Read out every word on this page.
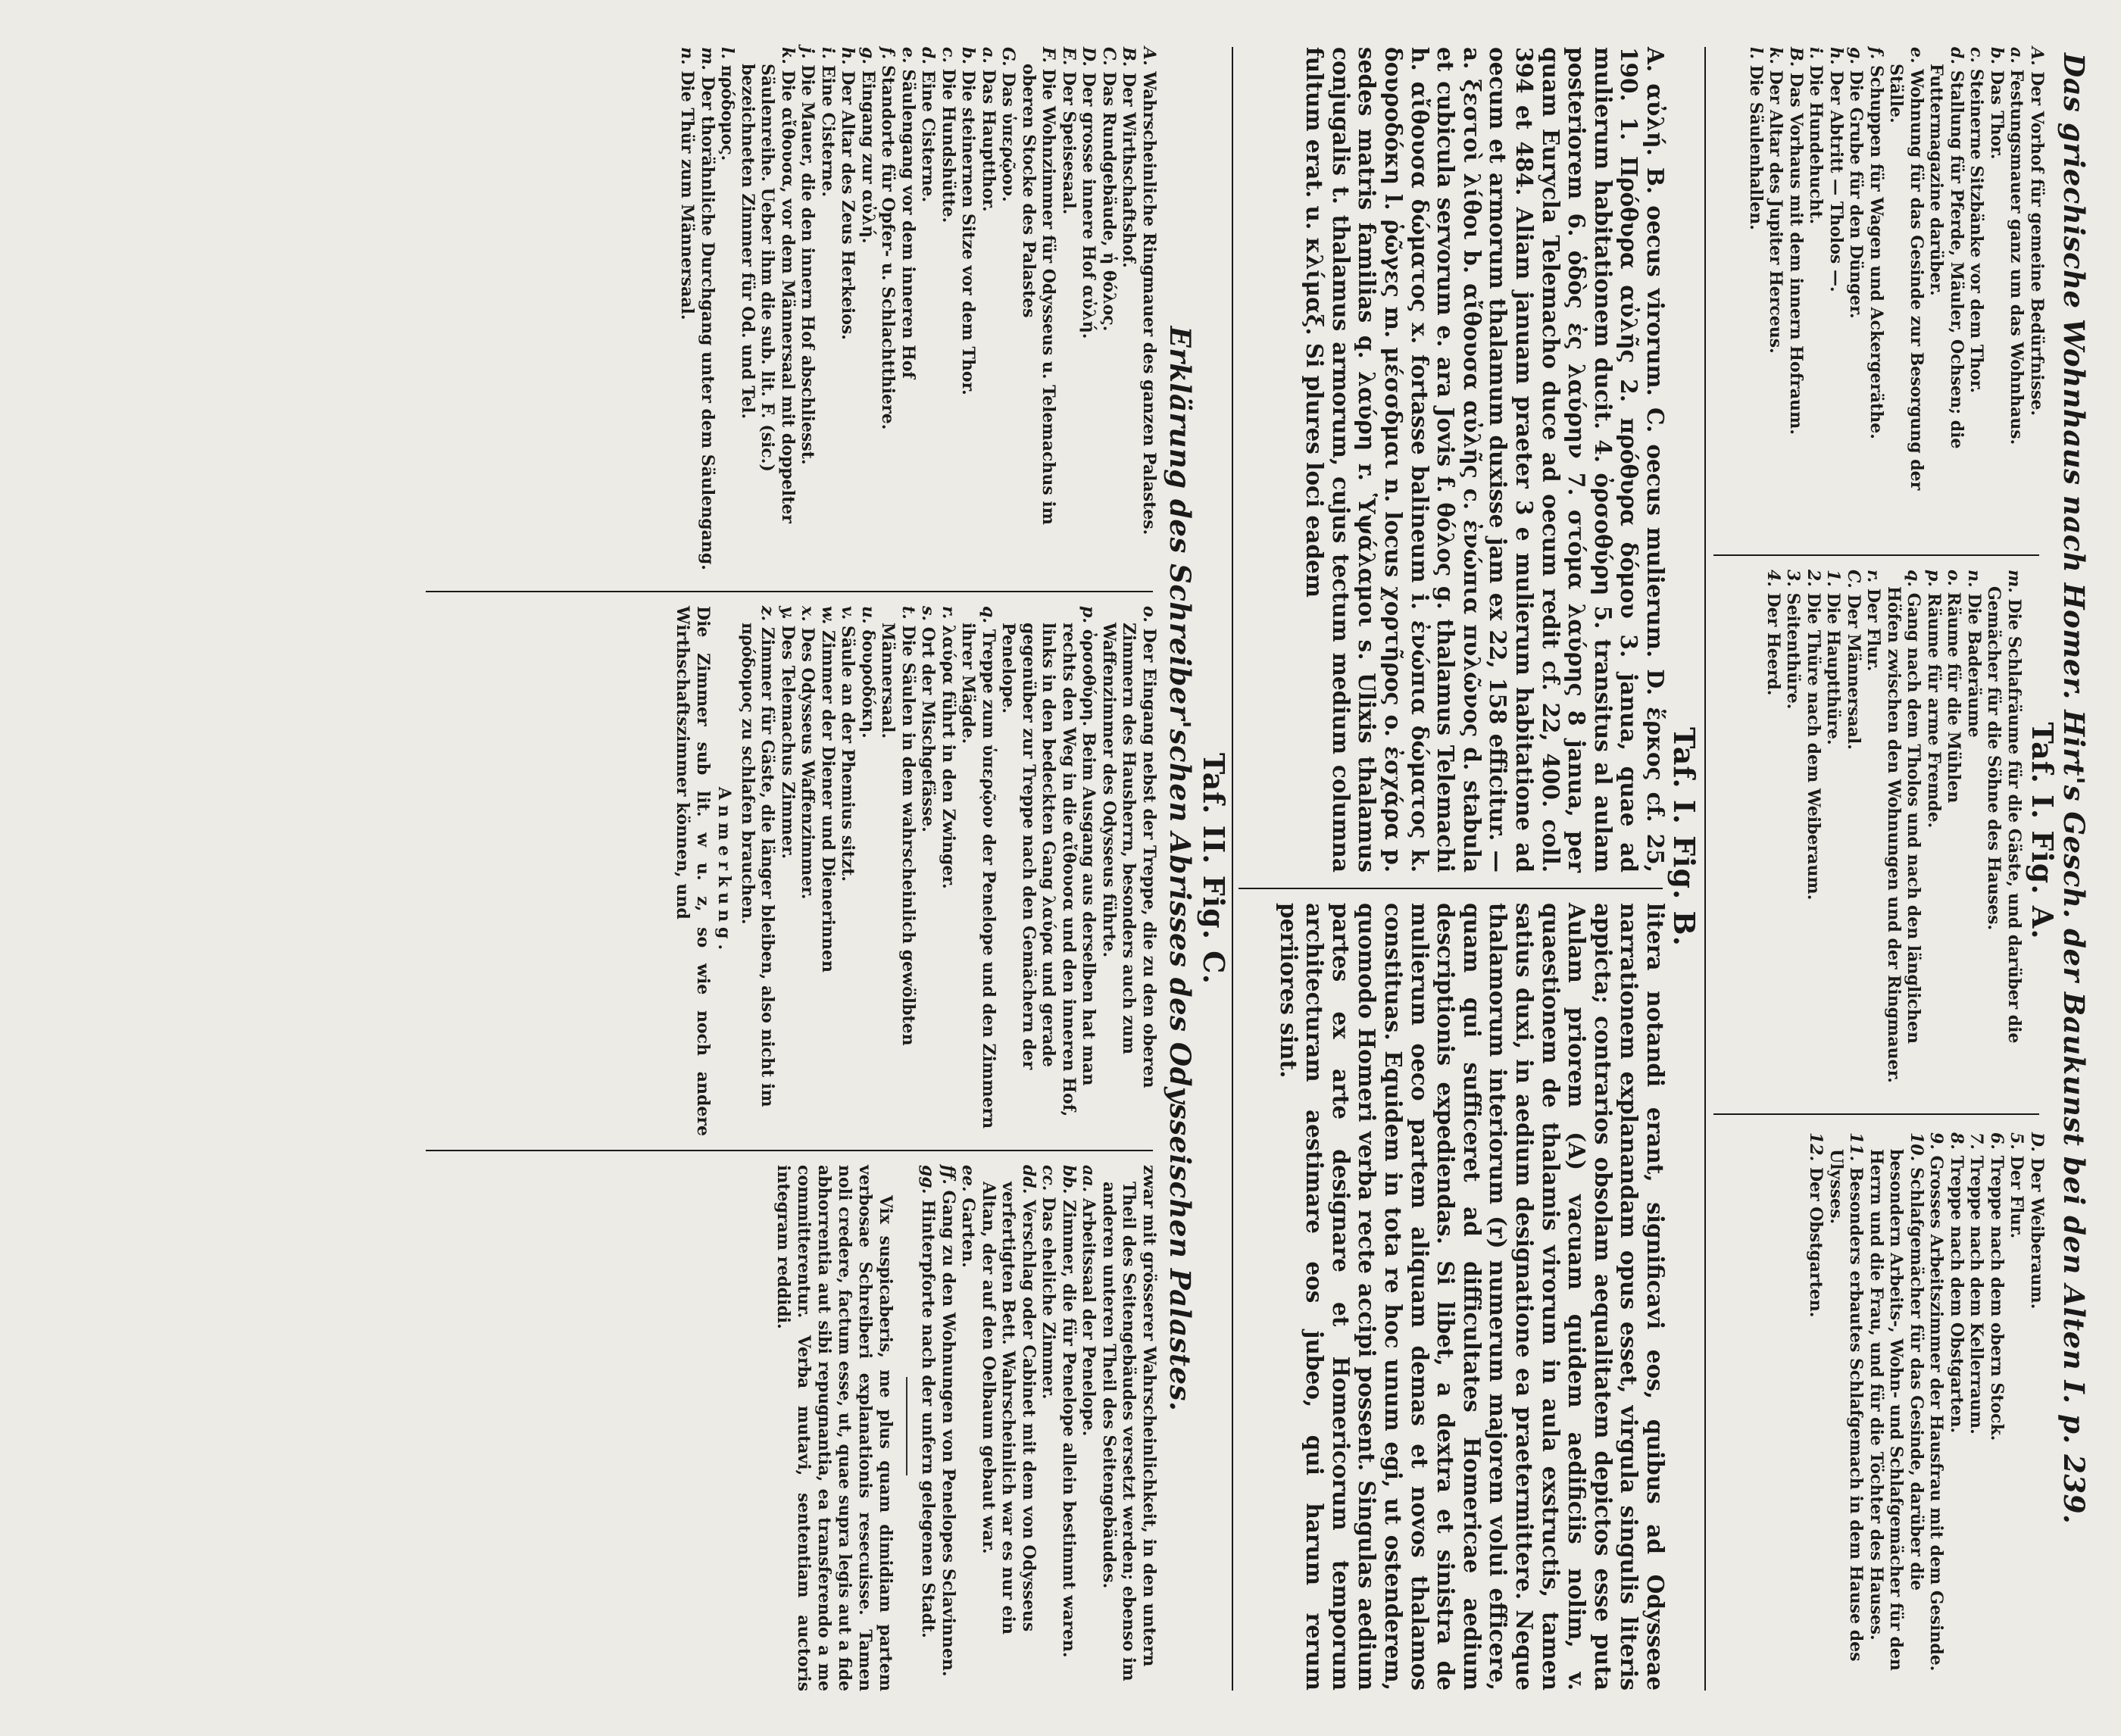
Das griechische Wohnhaus nach Homer. Hirt's Gesch. der Baukunst bei den Alten I. p. 239.
A. Der Vorhof für gemeine Bedürfnisse.
a. Festungsmauer ganz um das Wohnhaus.
b. Das Thor.
c. Steinerne Sitzbänke vor dem Thor.
d. Stallung für Pferde, Mäuler, Ochsen; die Futtermagazine darüber.
e. Wohnung für das Gesinde zur Besorgung der Ställe.
f. Schuppen für Wagen und Ackergeräthe.
g. Die Grube für den Dünger.
h. Der Abtritt — Tholos —.
i. Die Hundehucht.
B. Das Vorhaus mit dem innern Hofraum.
k. Der Altar des Jupiter Herceus.
l. Die Säulenhallen.
Taf. I. Fig. A.
m. Die Schlafräume für die Gäste, und darüber die Gemächer für die Söhne des Hauses.
n. Die Baderäume
o. Räume für die Mühlen
p. Räume für arme Fremde.
q. Gang nach dem Tholos und nach den länglichen Höfen zwischen den Wohnungen und der Ringmauer.
r. Der Flur.
C. Der Männersaal.
1. Die Hauptthüre.
2. Die Thüre nach dem Weiberaum.
3. Seitenthüre.
4. Der Heerd.
D. Der Weiberaum.
5. Der Flur.
6. Treppe nach dem obern Stock.
7. Treppe nach dem Kellerraum.
8. Treppe nach dem Obstgarten.
9. Grosses Arbeitszimmer der Hausfrau mit dem Gesinde.
10. Schlafgemächer für das Gesinde, darüber die besondern Arbeits-, Wohn- und Schlafgemächer für den Herrn und die Frau, und für die Töchter des Hauses.
11. Besonders erbautes Schlafgemach in dem Hause des Ulysses.
12. Der Obstgarten.
Taf. I. Fig. B.

A. αὐλή. B. oecus virorum. C. oecus mulierum. D. ἕρκος cf. 25, 190. 1. Πρόθυρα αὐλῆς 2. πρόθυρα δόμου 3. janua, quae ad mulierum habitationem ducit. 4. ὀρσοθύρη 5. transitus al aulam posteriorem 6. ὁδὸς ἐς λαύρην 7. στόμα λαύρης 8 janua, per quam Eurycla Telemacho duce ad oecum redit cf. 22, 400. coll. 394 et 484. Aliam januam praeter 3 e mulierum habitatione ad oecum et armorum thalamum duxisse jam ex 22, 158 efficitur. — a. ξεστοὶ λίθοι b. αἴθουσα αὐλῆς c. ἐνώπια πυλῶνος d. stabula et cubicula servorum e. ara Jovis f. θόλος g. thalamus Telemachi h. αἴθουσα δώματος x. fortasse balineum i. ἐνώπια δώματος k. δουροδόκη l. ῥῶγες m. μέσσδμαι n. locus χορτῆρος o. ἐσχάρα p. sedes matris familias q. λαύρη r. Ὑψάλαμοι s. Ulixis thalamus conjugalis t. thalamus armorum, cujus tectum medium columna fultum erat. u. κλίμαξ. Si plures loci eadem

litera notandi erant, significavi eos, quibus ad Odysseae narrationem explanandam opus esset, virgula singulis literis appicta; contrarios obsolam aequalitatem depictos esse puta Aulam priorem (A) vacuam quidem aedificiis nolim, v. quaestionem de thalamis virorum in aula exstructis, tamen satius duxi, in aedium designatione ea praetermittere. Neque thalamorum interiorum (r) numerum majorem volui efficere, quam qui sufficeret ad difficultates Homericae aedium descriptionis expediendas. Si libet, a dextra et sinistra de mulierum oeco partem aliquam demas et novos thalamos constituas. Equidem in tota re hoc unum egi, ut ostenderem, quomodo Homeri verba recte accipi possent. Singulas aedium partes ex arte designare et Homericorum temporum architecturam aestimare eos jubeo, qui harum rerum periiores sint.

Taf. II. Fig. C.
Erklärung des Schreiber'schen Abrisses des Odysseischen Palastes.
A. Wahrscheinliche Ringmauer des ganzen Palastes.
B. Der Wirthschaftshof.
C. Das Rundgebäude, ἡ θόλος.
D. Der grosse innere Hof αὐλή.
E. Der Speisesaal.
F. Die Wohnzimmer für Odysseus u. Telemachus im oberen Stocke des Palastes
G. Das ὑπερῷον.
a. Das Hauptthor.
b. Die steinernen Sitze vor dem Thor.
c. Die Hundshütte.
d. Eine Cisterne.
e. Säulengang vor dem inneren Hof
f. Standorte für Opfer- u. Schlachtthiere.
g. Eingang zur αὐλή.
h. Der Altar des Zeus Herkeios.
i. Eine Cisterne.
j. Die Mauer, die den innern Hof abschliesst.
k. Die αἴθουσα, vor dem Männersaal mit doppelter Säulenreihe. Ueber ihm die sub. lit. F. (sic.) bezeichneten Zimmer für Od. und Tel.
l. πρόδομος.
m. Der thorähnliche Durchgang unter dem Säulengang.
n. Die Thür zum Männersaal.
o. Der Eingang nebst der Treppe, die zu den oberen Zimmern des Hausherrn, besonders auch zum Waffenzimmer des Odysseus führte.
p. ὀρσοθύρη. Beim Ausgang aus derselben hat man rechts den Weg in die αἴθουσα und den inneren Hof, links in den bedeckten Gang λαύρα und gerade gegenüber zur Treppe nach den Gemächern der Penelope.
q. Treppe zum ὑπερῷον der Penelope und den Zimmern ihrer Mägde.
r. λαύρα führt in den Zwinger.
s. Ort der Mischgefässe.
t. Die Säulen in dem wahrscheinlich gewölbten Männersaal.
u. δουροδόκη.
v. Säule an der Phemius sitzt.
w. Zimmer der Diener und Dienerinnen
x. Des Odysseus Waffenzimmer.
y. Des Telemachus Zimmer.
z. Zimmer für Gäste, die länger bleiben, also nicht im πρόδομος zu schlafen brauchen.
Anmerkung.

Die Zimmer sub lit. w u. z, so wie noch andere Wirthschaftszimmer können, und

zwar mit grösserer Wahrscheinlichkeit, in den untern Theil des Seitengebäudes versetzt werden; ebenso im anderen unteren Theil des Seitengebäudes.
aa. Arbeitssaal der Penelope.
bb. Zimmer, die für Penelope allein bestimmt waren.
cc. Das eheliche Zimmer.
dd. Verschlag oder Cabinet mit dem von Odysseus verfertigten Bett. Wahrscheinlich war es nur ein Altan, der auf den Oelbaum gebaut war.
ee. Garten.
ff. Gang zu den Wohnungen von Penelopes Sclavinnen.
gg. Hinterpforte nach der unfern gelegenen Stadt.

Vix suspicaberis, me plus quam dimidiam partem verbosae Schreiberi explanationis resecuisse. Tamen noli credere, factum esse, ut, quae supra legis aut a fide abhorrentia aut sibi repugnantia, ea transferendo a me committerentur. Verba mutavi, sententiam auctoris integram reddidi.
